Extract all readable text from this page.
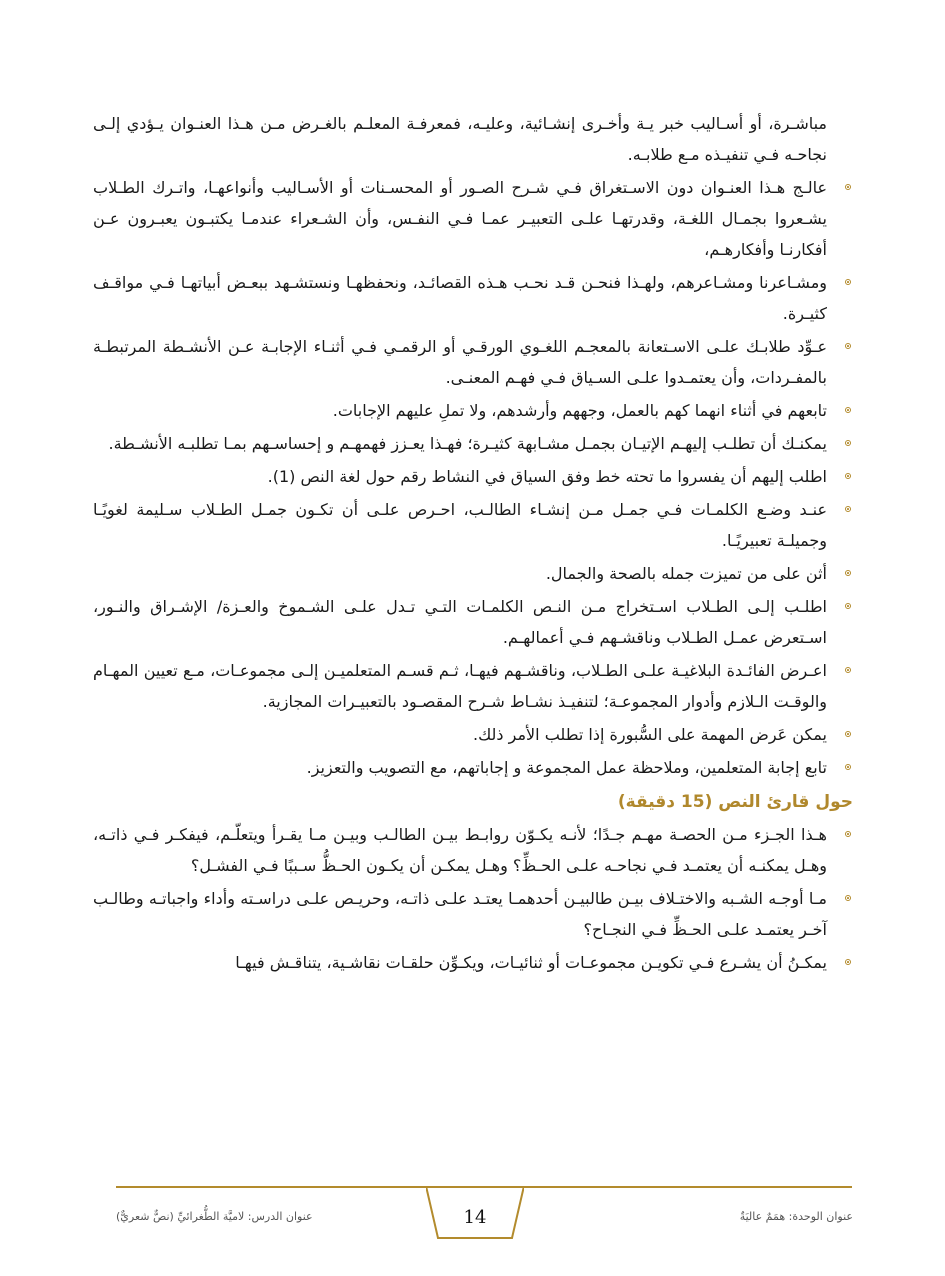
مباشـرة، أو أسـاليب خبر يـة وأخـرى إنشـائية، وعليـه، فمعرفـة المعلـم بالغـرض مـن هـذا العنـوان يـؤدي إلـى نجاحـه فـي تنفيـذه مـع طلابـه.

عالـج هـذا العنـوان دون الاسـتغراق فـي شـرح الصـور أو المحسـنات أو الأسـاليب وأنواعهـا، واتـرك الطـلاب يشـعروا بجمـال اللغـة، وقدرتهـا علـى التعبيـر عمـا فـي النفـس، وأن الشـعراء عندمـا يكتبـون يعبـرون عـن أفكارنـا وأفكارهـم،
ومشـاعرنا ومشـاعرهم، ولهـذا فنحـن قـد نحـب هـذه القصائـد، ونحفظهـا ونستشـهد ببعـض أبياتهـا فـي مواقـف كثيـرة.
عـوِّد طلابـك علـى الاسـتعانة بالمعجـم اللغـوي الورقـي أو الرقمـي فـي أثنـاء الإجابـة عـن الأنشـطة المرتبطـة بالمفـردات، وأن يعتمـدوا علـى السـياق فـي فهـم المعنـى.
تابعهم في أثناء انهما كهم بالعمل، وجههم وأرشدهم، ولا تملِ عليهم الإجابات.
يمكنـك أن تطلـب إليهـم الإتيـان بجمـل مشـابهة كثيـرة؛ فهـذا يعـزز فهمهـم و إحساسـهم بمـا تطلبـه الأنشـطة.
اطلب إليهم أن يفسروا ما تحته خط وفق السياق في النشاط رقم حول لغة النص (1).
عنـد وضـع الكلمـات فـي جمـل مـن إنشـاء الطالـب، احـرص علـى أن تكـون جمـل الطـلاب سـليمة لغويًـا وجميلـة تعبيريًـا.
أثن على من تميزت جمله بالصحة والجمال.
اطلـب إلـى الطـلاب اسـتخراج مـن النـص الكلمـات التـي تـدل علـى الشـموخ والعـزة/ الإشـراق والنـور، اسـتعرض عمـل الطـلاب وناقشـهم فـي أعمالهـم.
اعـرض الفائـدة البلاغيـة علـى الطـلاب، وناقشـهم فيهـا، ثـم قسـم المتعلميـن إلـى مجموعـات، مـع تعيين المهـام والوقـت الـلازم وأدوار المجموعـة؛ لتنفيـذ نشـاط شـرح المقصـود بالتعبيـرات المجازية.
يمكن عَرض المهمة على السُّبورة إذا تطلب الأمر ذلك.
تابع إجابة المتعلمين، وملاحظة عمل المجموعة و إجاباتهم، مع التصويب والتعزيز.
حول قارئ النص (15 دقيقة)
هـذا الجـزء مـن الحصـة مهـم جـدًا؛ لأنـه يكـوّن روابـط بيـن الطالـب وبيـن مـا يقـرأ ويتعلّـم، فيفكـر فـي ذاتـه، وهـل يمكنـه أن يعتمـد فـي نجاحـه علـى الحـظِّ؟ وهـل يمكـن أن يكـون الحـظُّ سـببًا فـي الفشـل؟
مـا أوجـه الشـبه والاختـلاف بيـن طالبيـن أحدهمـا يعتـد علـى ذاتـه، وحريـص علـى دراسـته وأداء واجباتـه وطالـب آخـر يعتمـد علـى الحـظِّ فـي النجـاح؟
يمكـنُ أن يشـرع فـي تكويـن مجموعـات أو ثنائيـات، ويكـوِّن حلقـات نقاشـية، يتناقـش فيهـا
14	عنوان الوحدة: همَمٌ عاليَةٌ
عنوان الدرس: لاميَّة الطُّغرائيِّ (نصٌّ شعريٌّ)
